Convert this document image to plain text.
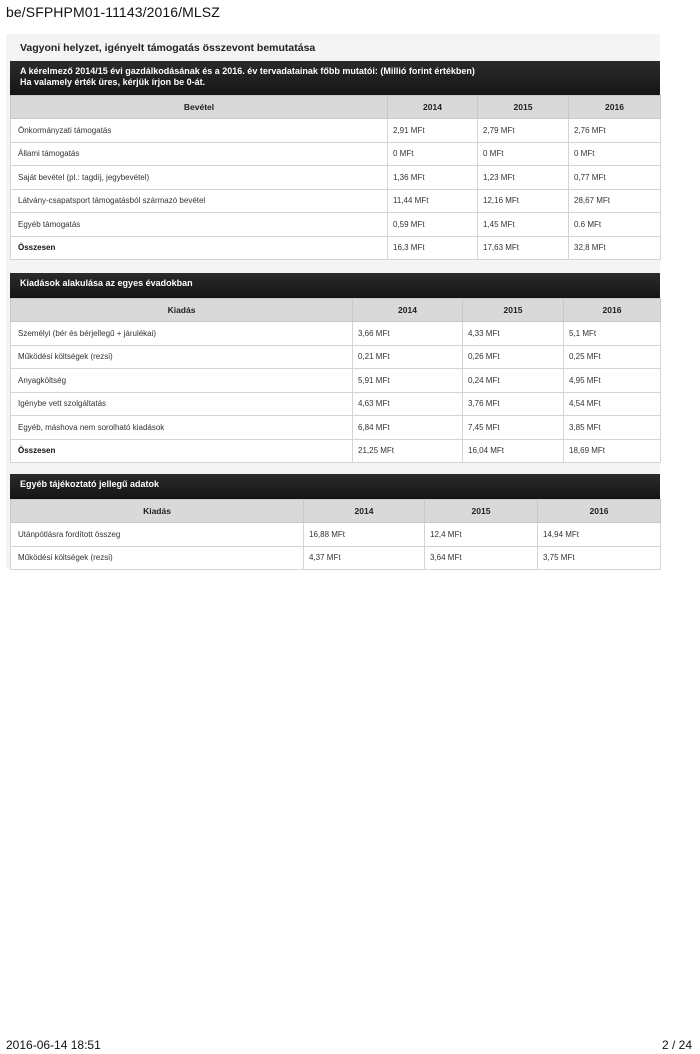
be/SFPHPM01-11143/2016/MLSZ
Vagyoni helyzet, igényelt támogatás összevont bemutatása
A kérelmező 2014/15 évi gazdálkodásának és a 2016. év tervadatainak főbb mutatói: (Millió forint értékben)
Ha valamely érték üres, kérjük írjon be 0-át.
Bevétel	2014	2015	2016
Önkormányzati támogatás	2,91 MFt	2,79 MFt	2,76 MFt
Állami támogatás	0 MFt	0 MFt	0 MFt
Saját bevétel (pl.: tagdíj, jegybevétel)	1,36 MFt	1,23 MFt	0,77 MFt
Látvány-csapatsport támogatásból származó bevétel	11,44 MFt	12,16 MFt	28,67 MFt
Egyéb támogatás	0,59 MFt	1,45 MFt	0.6 MFt
Összesen	16,3 MFt	17,63 MFt	32,8 MFt
Kiadások alakulása az egyes évadokban
Kiadás	2014	2015	2016
Személyi (bér és bérjellegű + járulékai)	3,66 MFt	4,33 MFt	5,1 MFt
Működési költségek (rezsi)	0,21 MFt	0,26 MFt	0,25 MFt
Anyagköltség	5,91 MFt	0,24 MFt	4,95 MFt
Igénybe vett szolgáltatás	4,63 MFt	3,76 MFt	4,54 MFt
Egyéb, máshova nem sorolható kiadások	6,84 MFt	7,45 MFt	3,85 MFt
Összesen	21,25 MFt	16,04 MFt	18,69 MFt
Egyéb tájékoztató jellegű adatok
Kiadás	2014	2015	2016
Utánpótlásra fordított összeg	16,88 MFt	12,4 MFt	14,94 MFt
Működési költségek (rezsi)	4,37 MFt	3,64 MFt	3,75 MFt
2016-06-14 18:51	2 / 24
